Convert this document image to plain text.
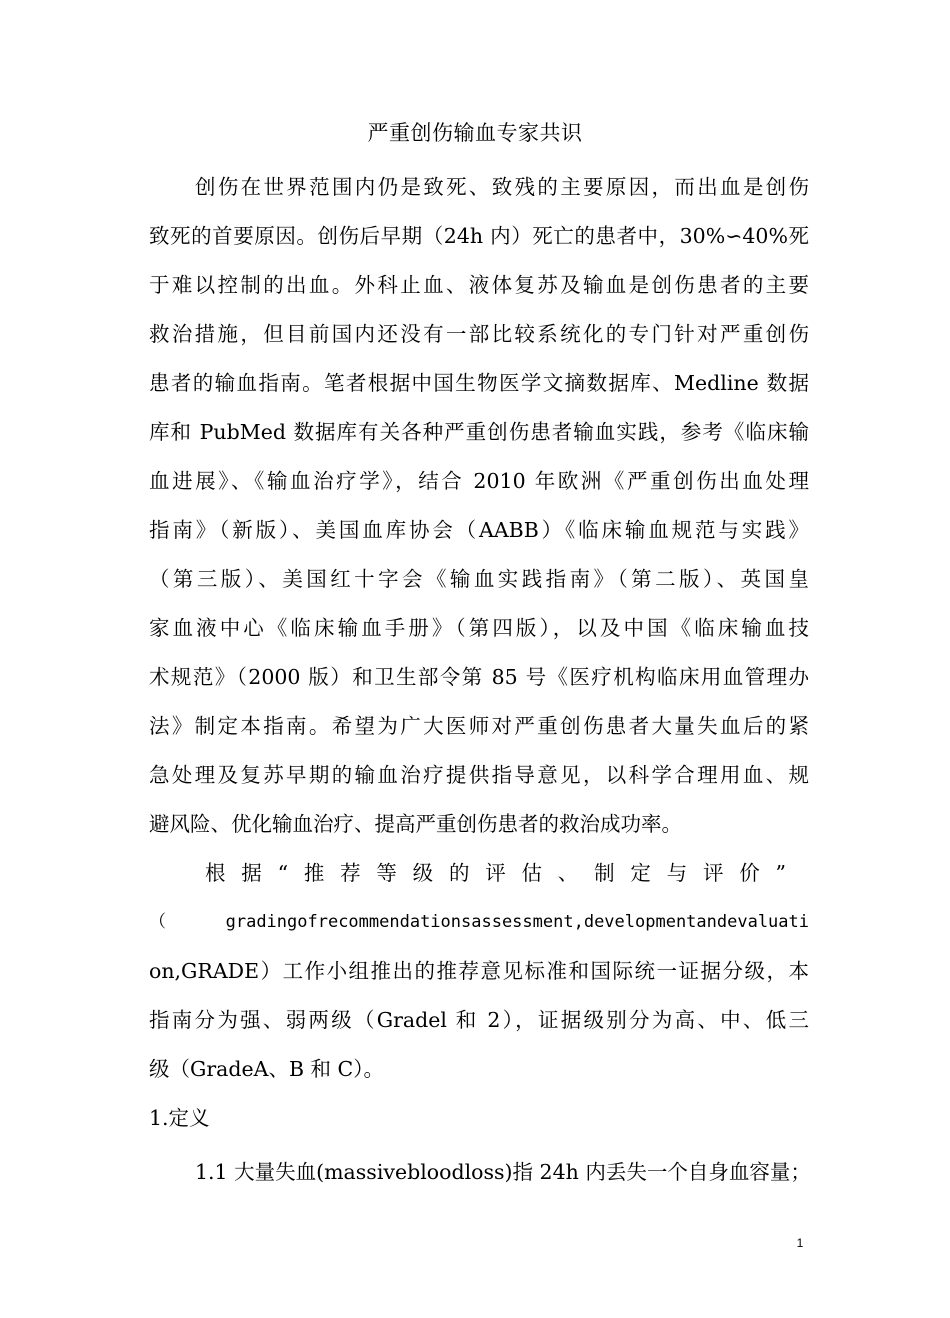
严重创伤输血专家共识
创伤在世界范围内仍是致死、致残的主要原因，而出血是创伤
致死的首要原因。创伤后早期（24h 内）死亡的患者中，30%∽40%死
于难以控制的出血。外科止血、液体复苏及输血是创伤患者的主要
救治措施，但目前国内还没有一部比较系统化的专门针对严重创伤
患者的输血指南。笔者根据中国生物医学文摘数据库、Medline 数据
库和 PubMed 数据库有关各种严重创伤患者输血实践，参考《临床输
血进展》、《输血治疗学》，结合 2010 年欧洲《严重创伤出血处理
指南》（新版）、美国血库协会（AABB）《临床输血规范与实践》
（第三版）、美国红十字会《输血实践指南》（第二版）、英国皇
家血液中心《临床输血手册》（第四版），以及中国《临床输血技
术规范》（2000 版）和卫生部令第 85 号《医疗机构临床用血管理办
法》制定本指南。希望为广大医师对严重创伤患者大量失血后的紧
急处理及复苏早期的输血治疗提供指导意见，以科学合理用血、规
避风险、优化输血治疗、提高严重创伤患者的救治成功率。
根据“推荐等级的评估、制定与评价”
（gradingofrecommendationsassessment,developmentandevaluati
on,GRADE）工作小组推出的推荐意见标准和国际统一证据分级，本
指南分为强、弱两级（Gradel 和 2），证据级别分为高、中、低三
级（GradeA、B 和 C）。
1.定义
1.1 大量失血(massivebloodloss)指 24h 内丢失一个自身血容量；
1
